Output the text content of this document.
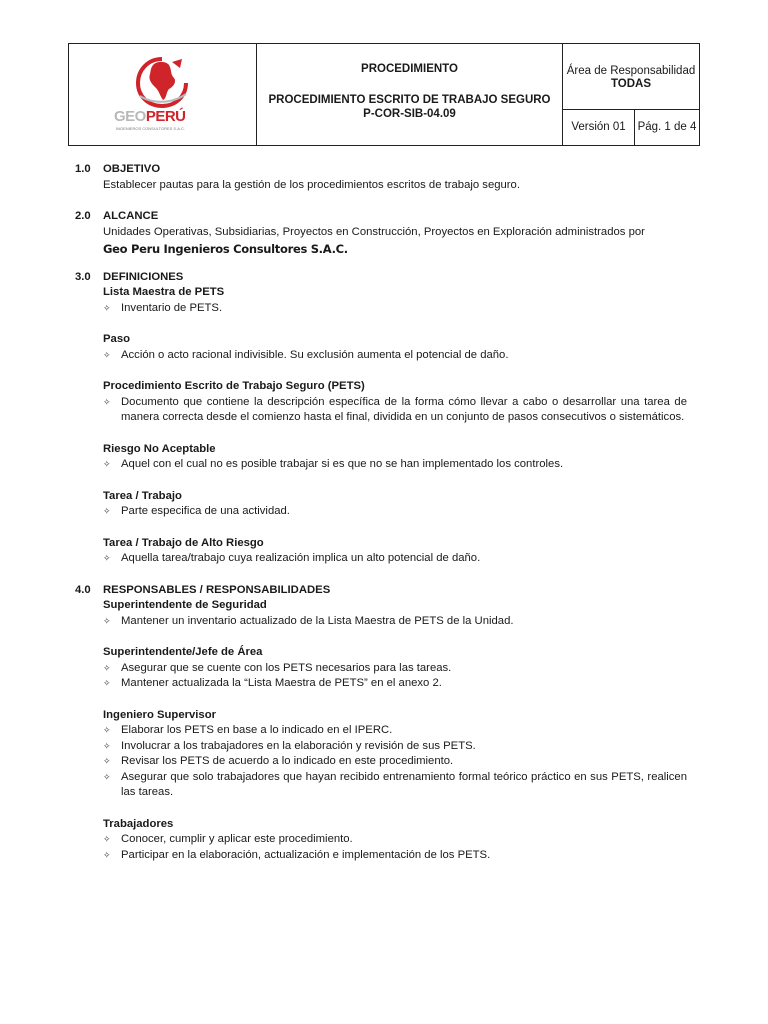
GEOPERÚ
INGENIEROS CONSULTORES S.A.C.
PROCEDIMIENTO
PROCEDIMIENTO ESCRITO DE TRABAJO SEGURO
P-COR-SIB-04.09
Área de Responsabilidad
TODAS
Versión 01	Pág. 1 de 4
1.0	OBJETIVO
Establecer pautas para la gestión de los procedimientos escritos de trabajo seguro.
2.0	ALCANCE
Unidades Operativas, Subsidiarias, Proyectos en Construcción, Proyectos en Exploración administrados por
Geo Peru Ingenieros Consultores S.A.C.
3.0	DEFINICIONES
Lista Maestra de PETS
✧ Inventario de PETS.
Paso
✧ Acción o acto racional indivisible. Su exclusión aumenta el potencial de daño.
Procedimiento Escrito de Trabajo Seguro (PETS)
✧ Documento que contiene la descripción específica de la forma cómo llevar a cabo o desarrollar una tarea de manera correcta desde el comienzo hasta el final, dividida en un conjunto de pasos consecutivos o sistemáticos.
Riesgo No Aceptable
✧ Aquel con el cual no es posible trabajar si es que no se han implementado los controles.
Tarea / Trabajo
✧ Parte especifica de una actividad.
Tarea / Trabajo de Alto Riesgo
✧ Aquella tarea/trabajo cuya realización implica un alto potencial de daño.
4.0	RESPONSABLES / RESPONSABILIDADES
Superintendente de Seguridad
✧ Mantener un inventario actualizado de la Lista Maestra de PETS de la Unidad.
Superintendente/Jefe de Área
✧ Asegurar que se cuente con los PETS necesarios para las tareas.
✧ Mantener actualizada la “Lista Maestra de PETS” en el anexo 2.
Ingeniero Supervisor
✧ Elaborar los PETS en base a lo indicado en el IPERC.
✧ Involucrar a los trabajadores en la elaboración y revisión de sus PETS.
✧ Revisar los PETS de acuerdo a lo indicado en este procedimiento.
✧ Asegurar que solo trabajadores que hayan recibido entrenamiento formal teórico práctico en sus PETS, realicen las tareas.
Trabajadores
✧ Conocer, cumplir y aplicar este procedimiento.
✧ Participar en la elaboración, actualización e implementación de los PETS.
